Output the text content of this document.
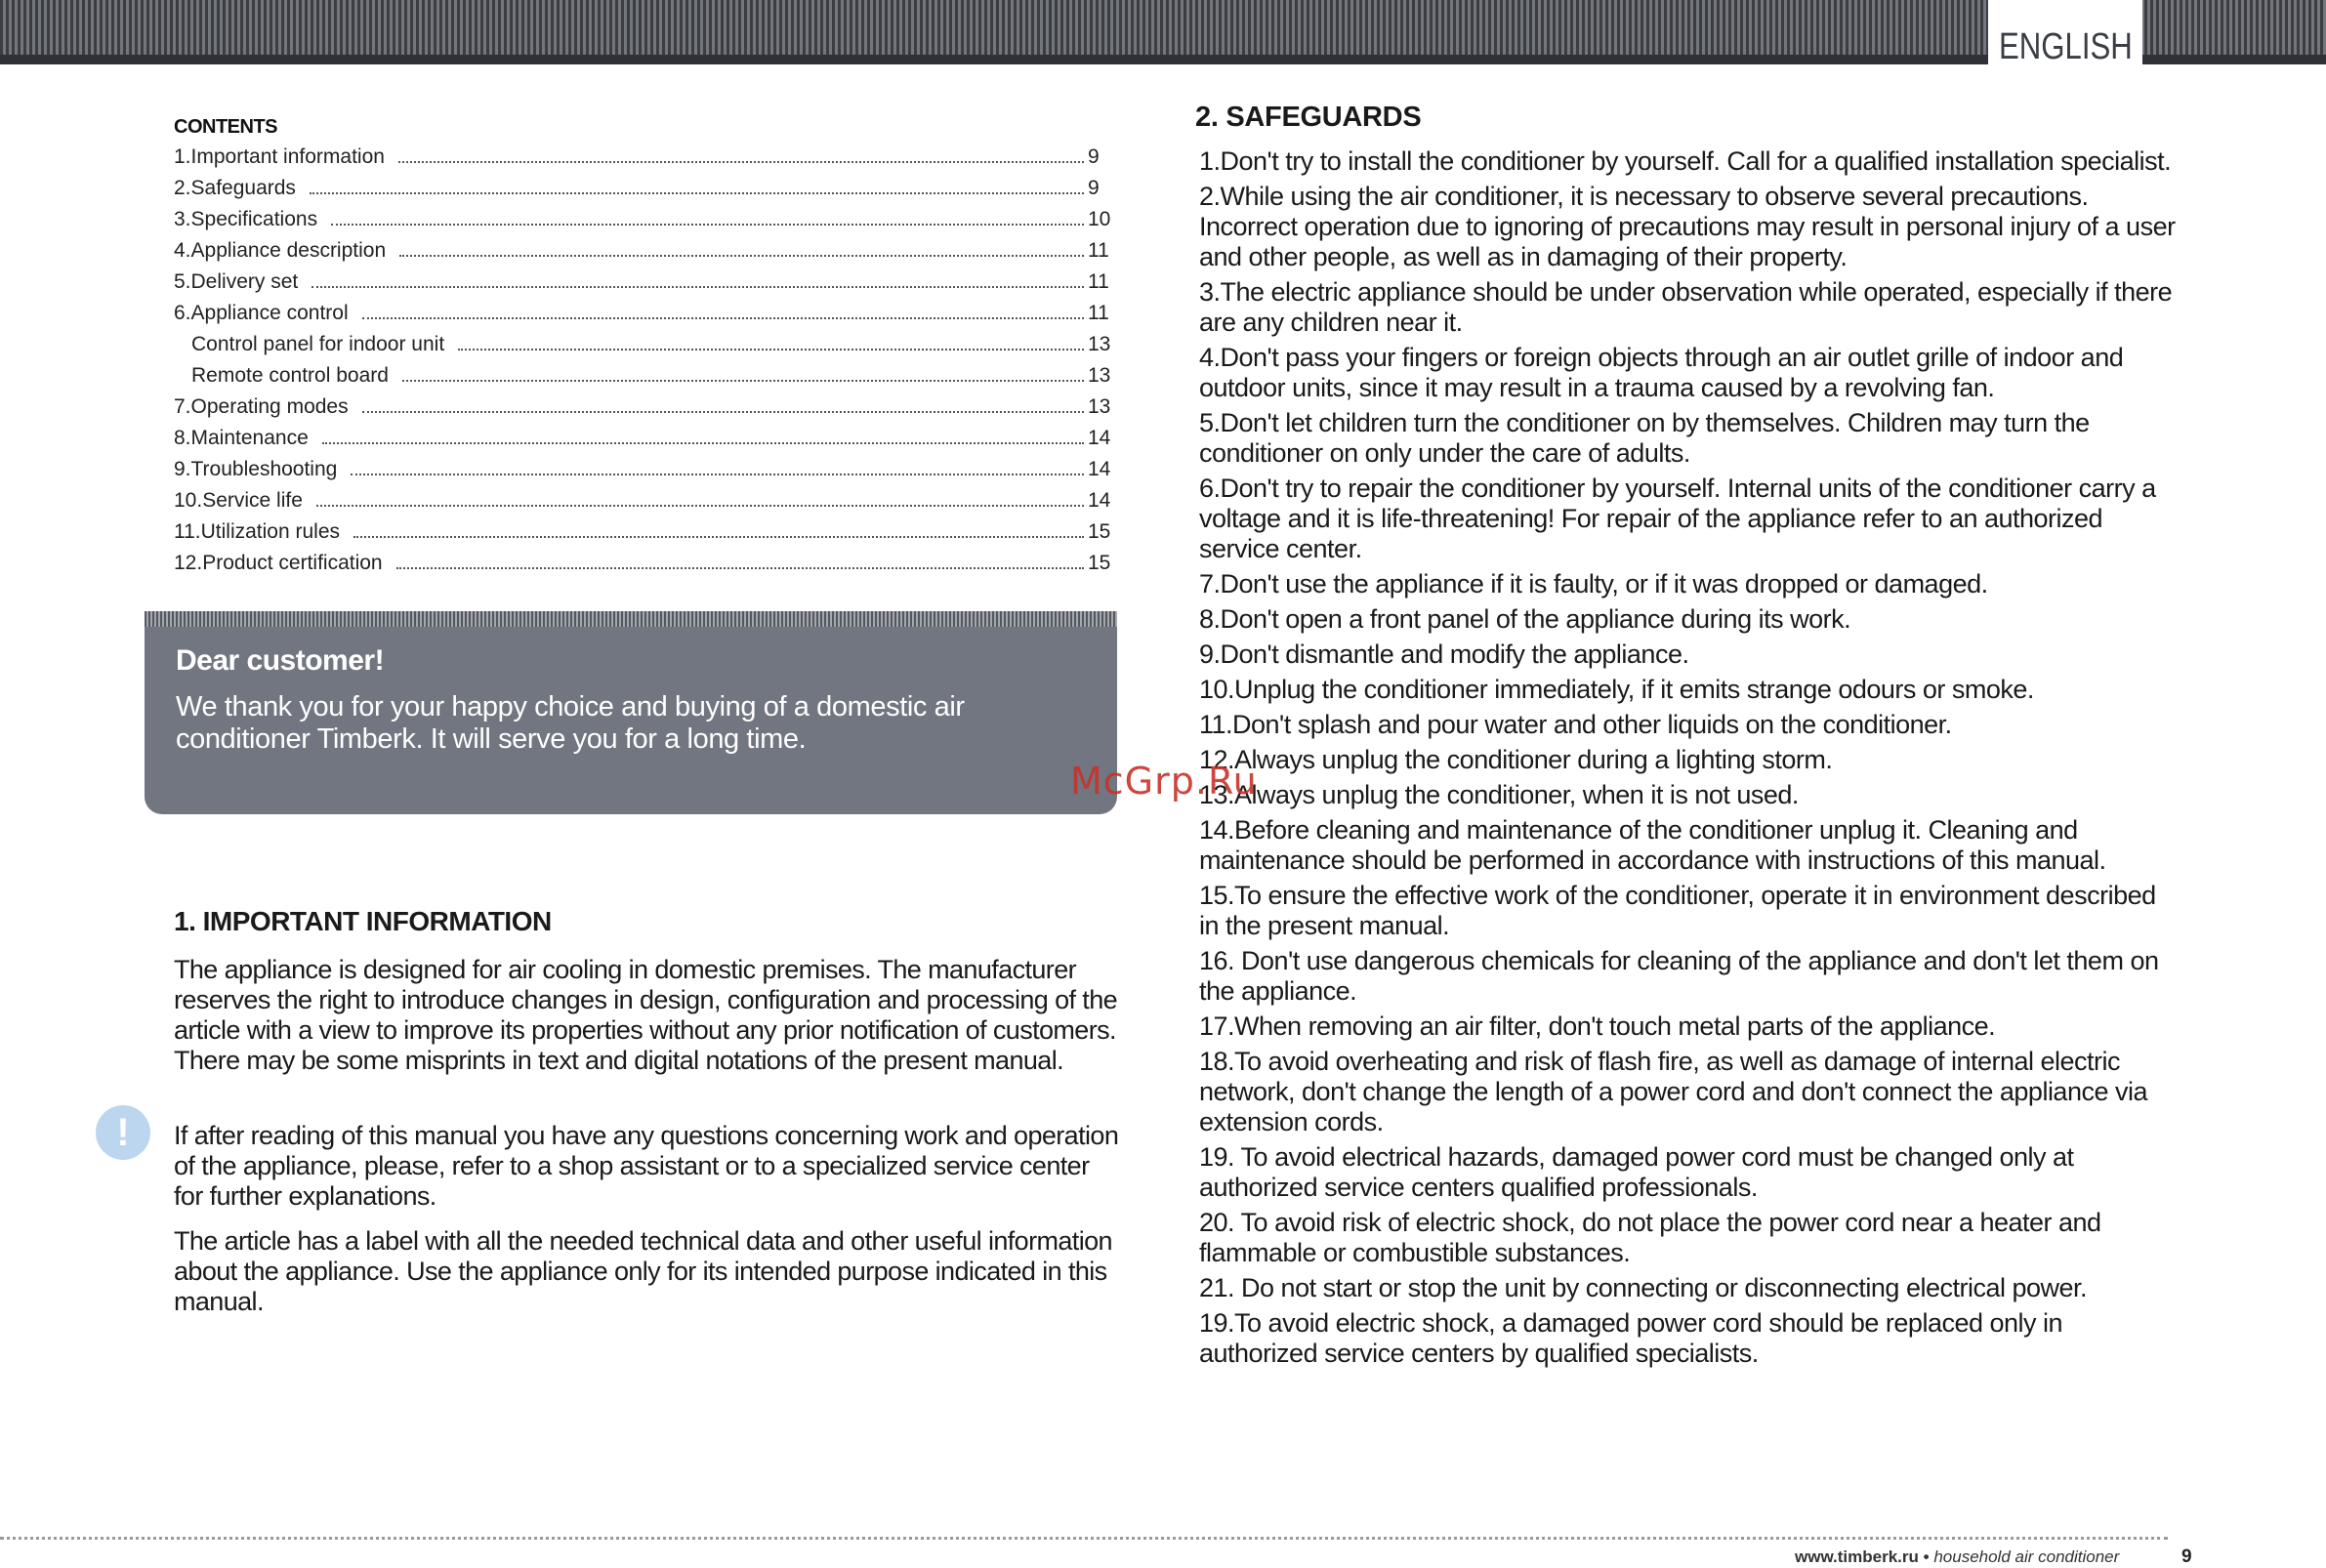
ENGLISH
CONTENTS
1.Important information	9
2.Safeguards	9
3.Specifications	10
4.Appliance description	11
5.Delivery set	11
6.Appliance control	11
Control panel for indoor unit	13
Remote control board	13
7.Operating modes	13
8.Maintenance	14
9.Troubleshooting	14
10.Service life	14
11.Utilization rules	15
12.Product certification	15
Dear customer!
We thank you for your happy choice and buying of a domestic air conditioner Timberk. It will serve you for a long time.
1. IMPORTANT INFORMATION
The appliance is designed for air cooling in domestic premises. The manufacturer reserves the right to introduce changes in design, configuration and processing of the article with a view to improve its properties without any prior notification of customers. There may be some misprints in text and digital notations of the present manual.
! If after reading of this manual you have any questions concerning work and operation of the appliance, please, refer to a shop assistant or to a specialized service center for further explanations.
The article has a label with all the needed technical data and other useful information about the appliance. Use the appliance only for its intended purpose indicated in this manual.
2. SAFEGUARDS

1.Don't try to install the conditioner by yourself. Call for a qualified installation specialist.

2.While using the air conditioner, it is necessary to observe several precautions. Incorrect operation due to ignoring of precautions may result in personal injury of a user and other people, as well as in damaging of their property.

3.The electric appliance should be under observation while operated, especially if there are any children near it.

4.Don't pass your fingers or foreign objects through an air outlet grille of indoor and outdoor units, since it may result in a trauma caused by a revolving fan.

5.Don't let children turn the conditioner on by themselves. Children may turn the conditioner on only under the care of adults.

6.Don't try to repair the conditioner by yourself. Internal units of the conditioner carry a voltage and it is life-threatening! For repair of the appliance refer to an authorized service center.

7.Don't use the appliance if it is faulty, or if it was dropped or damaged.

8.Don't open a front panel of the appliance during its work.

9.Don't dismantle and modify the appliance.

10.Unplug the conditioner immediately, if it emits strange odours or smoke.

11.Don't splash and pour water and other liquids on the conditioner.

12.Always unplug the conditioner during a lighting storm.

13.Always unplug the conditioner, when it is not used.

14.Before cleaning and maintenance of the conditioner unplug it. Cleaning and maintenance should be performed in accordance with instructions of this manual.

15.To ensure the effective work of the conditioner, operate it in environment described in the present manual.

16. Don't use dangerous chemicals for cleaning of the appliance and don't let them on the appliance.

17.When removing an air filter, don't touch metal parts of the appliance.

18.To avoid overheating and risk of flash fire, as well as damage of internal electric network, don't change the length of a power cord and don't connect the appliance via extension cords.

19. To avoid electrical hazards, damaged power cord must be changed only at authorized service centers qualified professionals.

20. To avoid risk of electric shock, do not place the power cord near a heater and flammable or combustible substances.

21. Do not start or stop the unit by connecting or disconnecting electrical power.

19.To avoid electric shock, a damaged power cord should be replaced only in authorized service centers by qualified specialists.

McGrp.Ru
www.timberk.ru • household air conditioner	9
